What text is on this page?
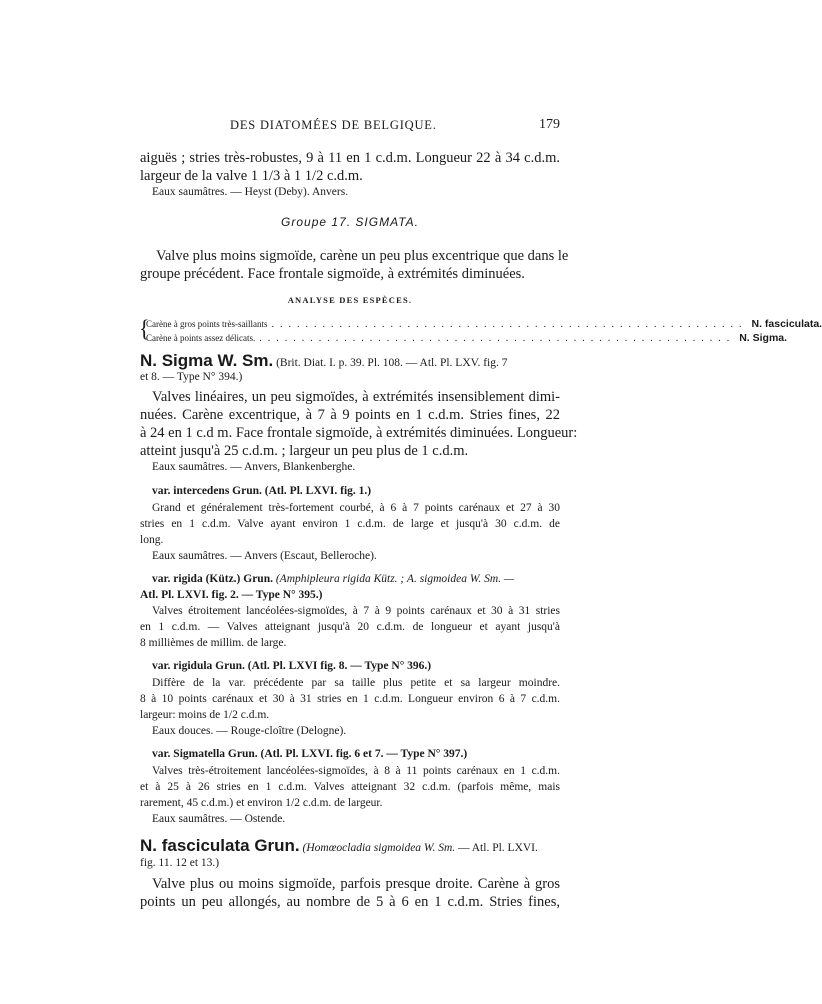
DES DIATOMÉES DE BELGIQUE.	179

aiguës ; stries très-robustes, 9 à 11 en 1 c.d.m. Longueur 22 à 34 c.d.m.

largeur de la valve 1 1/3 à 1 1/2 c.d.m.

Eaux saumâtres. — Heyst (Deby). Anvers.

Groupe 17. SIGMATA.

Valve plus moins sigmoïde, carène un peu plus excentrique que dans le

groupe précédent. Face frontale sigmoïde, à extrémités diminuées.

ANALYSE DES ESPÈCES.
{
Carène à gros points très-saillants ........................................................ N. fasciculata.
Carène à points assez délicats. ........................................................ N. Sigma.
N. Sigma W. Sm. (Brit. Diat. I. p. 39. Pl. 108. — Atl. Pl. LXV. fig. 7

et 8. — Type N° 394.)

Valves linéaires, un peu sigmoïdes, à extrémités insensiblement dimi-

nuées. Carène excentrique, à 7 à 9 points en 1 c.d.m. Stries fines, 22

à 24 en 1 c.d m. Face frontale sigmoïde, à extrémités diminuées. Longueur:

atteint jusqu'à 25 c.d.m. ; largeur un peu plus de 1 c.d.m.

Eaux saumâtres. — Anvers, Blankenberghe.

var. intercedens Grun. (Atl. Pl. LXVI. fig. 1.)

Grand et généralement très-fortement courbé, à 6 à 7 points carénaux et 27 à 30

stries en 1 c.d.m. Valve ayant environ 1 c.d.m. de large et jusqu'à 30 c.d.m. de

long.

Eaux saumâtres. — Anvers (Escaut, Belleroche).

var. rigida (Kütz.) Grun. (Amphipleura rigida Kütz. ; A. sigmoidea W. Sm. —

Atl. Pl. LXVI. fig. 2. — Type N° 395.)

Valves étroitement lancéolées-sigmoïdes, à 7 à 9 points carénaux et 30 à 31 stries

en 1 c.d.m. — Valves atteignant jusqu'à 20 c.d.m. de longueur et ayant jusqu'à

8 millièmes de millim. de large.

var. rigidula Grun. (Atl. Pl. LXVI fig. 8. — Type N° 396.)

Diffère de la var. précédente par sa taille plus petite et sa largeur moindre.

8 à 10 points carénaux et 30 à 31 stries en 1 c.d.m. Longueur environ 6 à 7 c.d.m.

largeur: moins de 1/2 c.d.m.

Eaux douces. — Rouge-cloître (Delogne).

var. Sigmatella Grun. (Atl. Pl. LXVI. fig. 6 et 7. — Type N° 397.)

Valves très-étroitement lancéolées-sigmoïdes, à 8 à 11 points carénaux en 1 c.d.m.

et à 25 à 26 stries en 1 c.d.m. Valves atteignant 32 c.d.m. (parfois même, mais

rarement, 45 c.d.m.) et environ 1/2 c.d.m. de largeur.

Eaux saumâtres. — Ostende.

N. fasciculata Grun. (Homœocladia sigmoidea W. Sm. — Atl. Pl. LXVI.

fig. 11. 12 et 13.)

Valve plus ou moins sigmoïde, parfois presque droite. Carène à gros

points un peu allongés, au nombre de 5 à 6 en 1 c.d.m. Stries fines,
